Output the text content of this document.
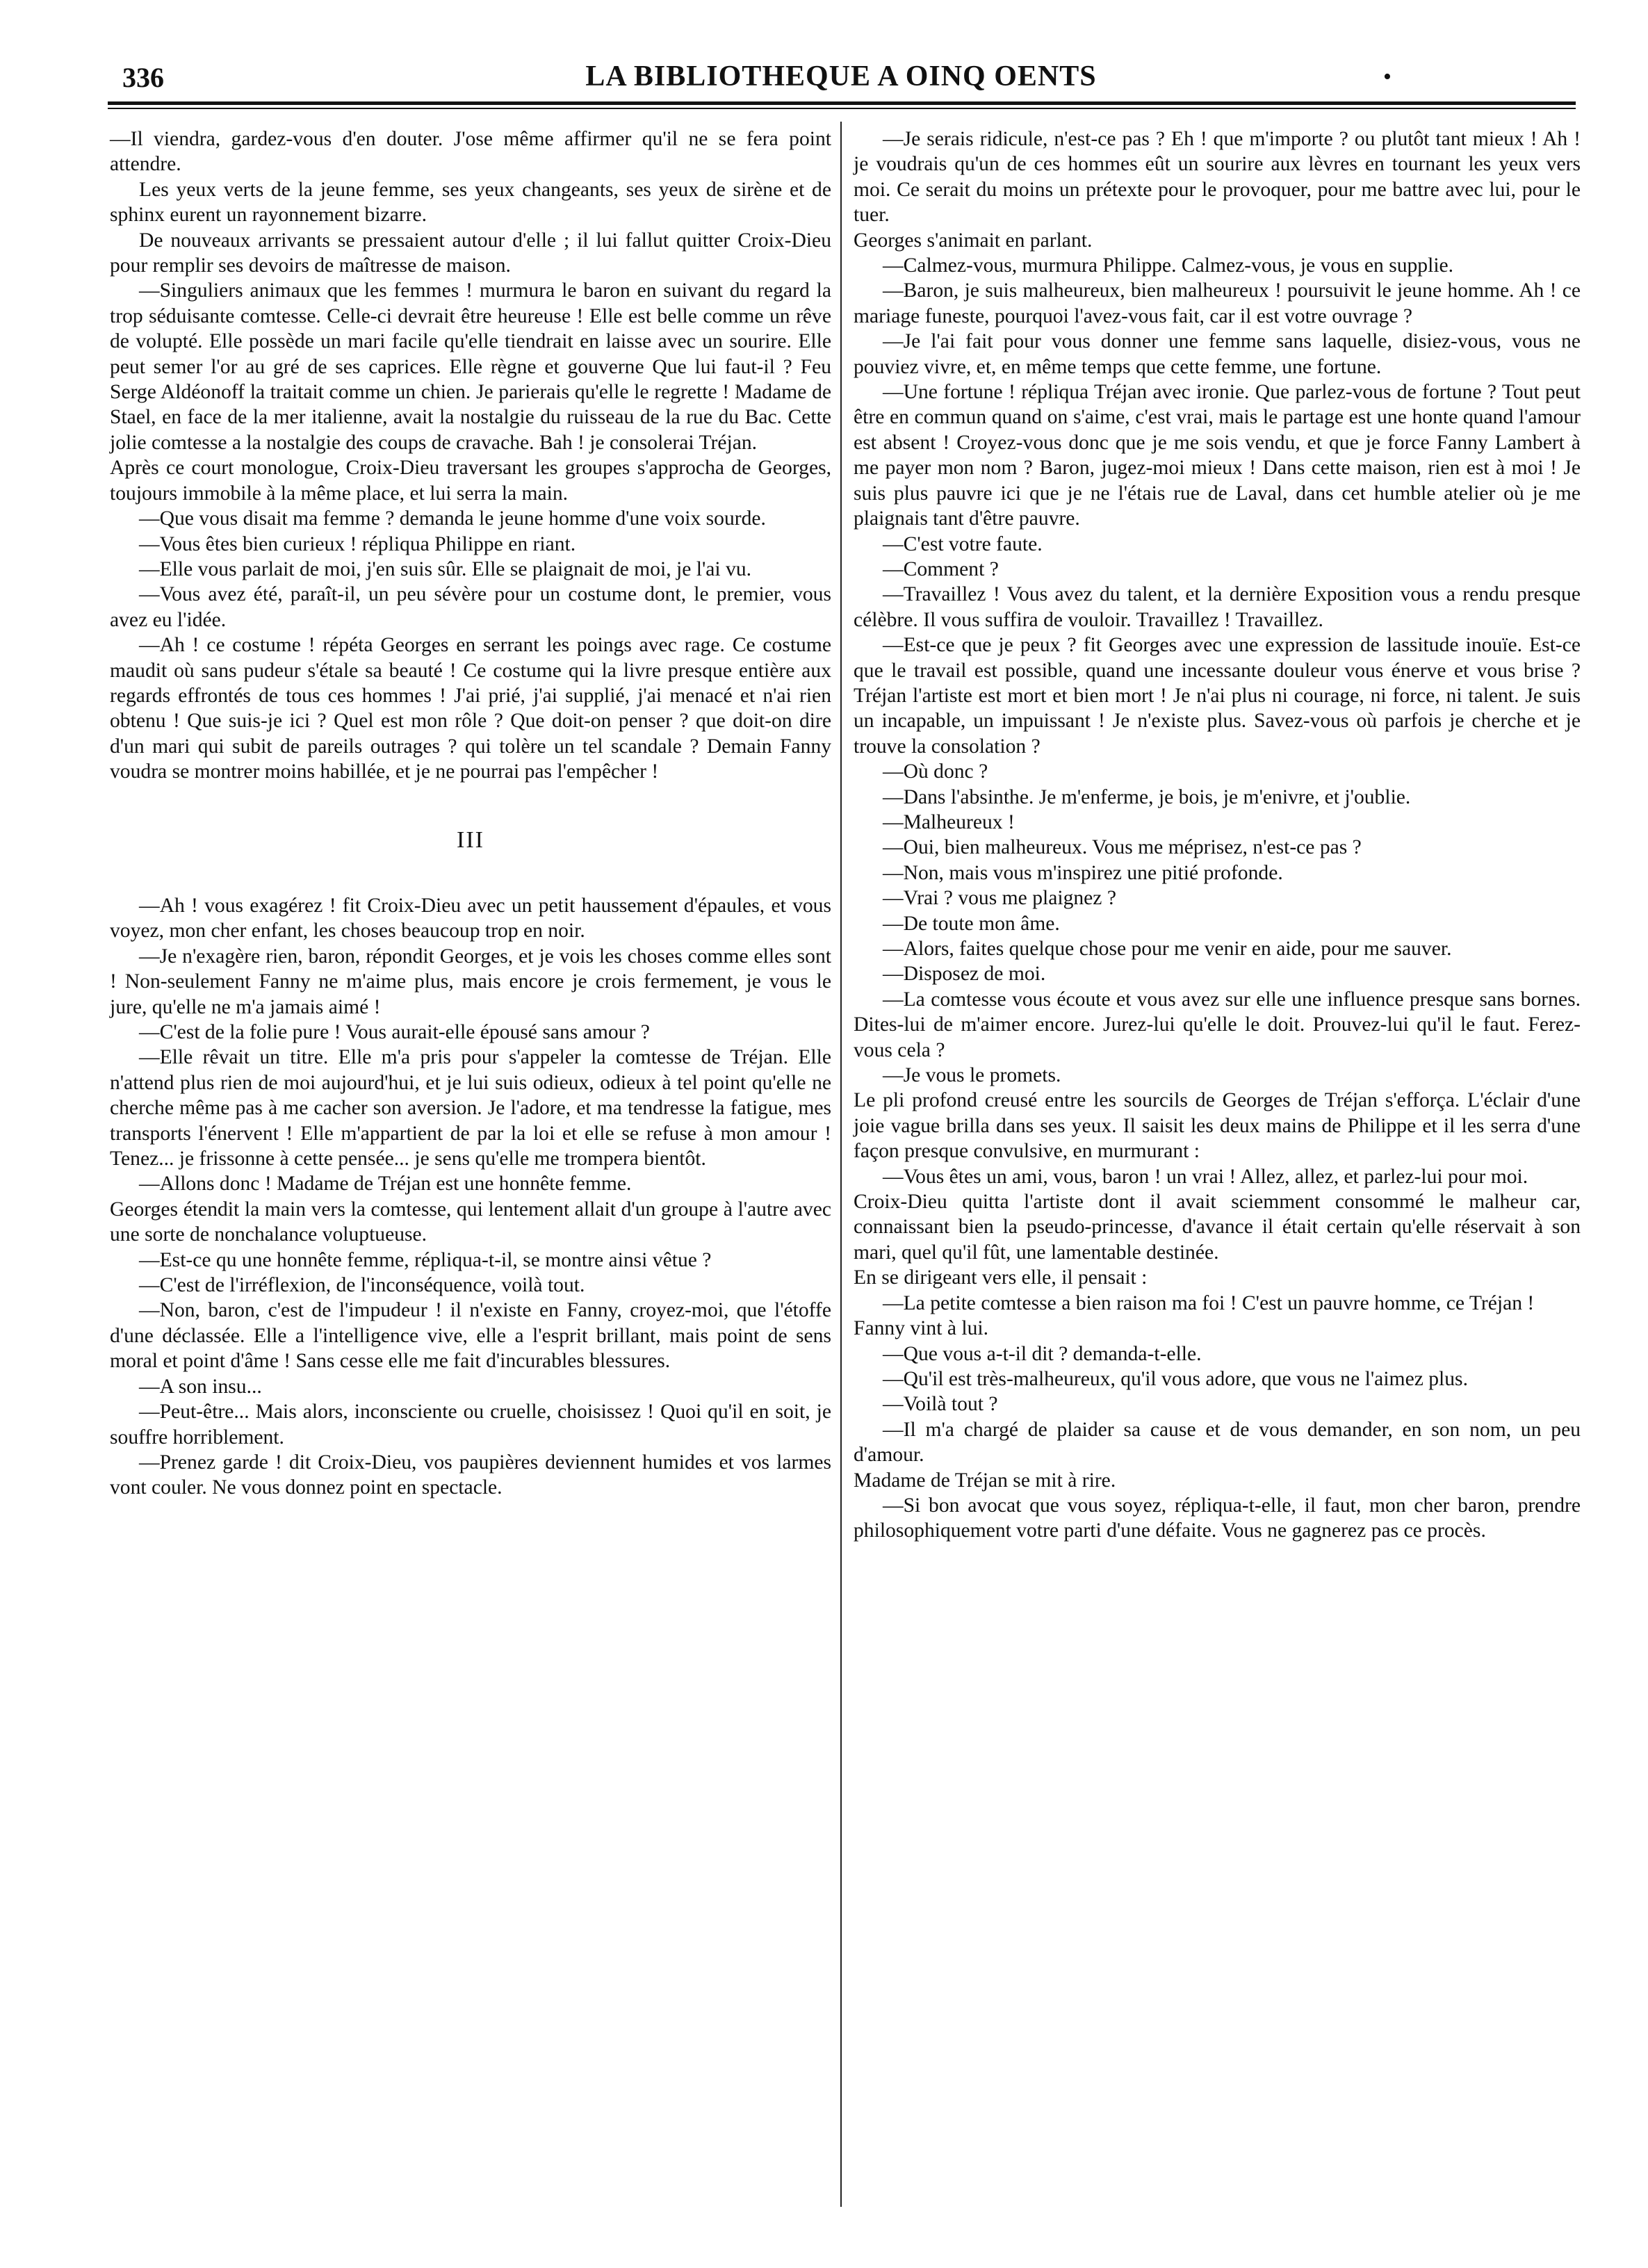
336	LA BIBLIOTHEQUE A OINQ OENTS	•

—Il viendra, gardez-vous d'en douter. J'ose même affirmer qu'il ne se fera point attendre.

Les yeux verts de la jeune femme, ses yeux changeants, ses yeux de sirène et de sphinx eurent un rayonnement bizarre.

De nouveaux arrivants se pressaient autour d'elle ; il lui fallut quitter Croix-Dieu pour remplir ses devoirs de maîtresse de maison.

—Singuliers animaux que les femmes ! murmura le baron en suivant du regard la trop séduisante comtesse. Celle-ci devrait être heureuse ! Elle est belle comme un rêve de volupté. Elle possède un mari facile qu'elle tiendrait en laisse avec un sourire. Elle peut semer l'or au gré de ses caprices. Elle règne et gouverne Que lui faut-il ? Feu Serge Aldéonoff la traitait comme un chien. Je parierais qu'elle le regrette ! Madame de Stael, en face de la mer italienne, avait la nostalgie du ruisseau de la rue du Bac. Cette jolie comtesse a la nostalgie des coups de cravache. Bah ! je consolerai Tréjan.

Après ce court monologue, Croix-Dieu traversant les groupes s'approcha de Georges, toujours immobile à la même place, et lui serra la main.

—Que vous disait ma femme ? demanda le jeune homme d'une voix sourde.

—Vous êtes bien curieux ! répliqua Philippe en riant.

—Elle vous parlait de moi, j'en suis sûr. Elle se plaignait de moi, je l'ai vu.

—Vous avez été, paraît-il, un peu sévère pour un costume dont, le premier, vous avez eu l'idée.

—Ah ! ce costume ! répéta Georges en serrant les poings avec rage. Ce costume maudit où sans pudeur s'étale sa beauté ! Ce costume qui la livre presque entière aux regards effrontés de tous ces hommes ! J'ai prié, j'ai supplié, j'ai menacé et n'ai rien obtenu ! Que suis-je ici ? Quel est mon rôle ? Que doit-on penser ? que doit-on dire d'un mari qui subit de pareils outrages ? qui tolère un tel scandale ? Demain Fanny voudra se montrer moins habillée, et je ne pourrai pas l'empêcher !

III

—Ah ! vous exagérez ! fit Croix-Dieu avec un petit haussement d'épaules, et vous voyez, mon cher enfant, les choses beaucoup trop en noir.

—Je n'exagère rien, baron, répondit Georges, et je vois les choses comme elles sont ! Non-seulement Fanny ne m'aime plus, mais encore je crois fermement, je vous le jure, qu'elle ne m'a jamais aimé !

—C'est de la folie pure ! Vous aurait-elle épousé sans amour ?

—Elle rêvait un titre. Elle m'a pris pour s'appeler la comtesse de Tréjan. Elle n'attend plus rien de moi aujourd'hui, et je lui suis odieux, odieux à tel point qu'elle ne cherche même pas à me cacher son aversion. Je l'adore, et ma tendresse la fatigue, mes transports l'énervent ! Elle m'appartient de par la loi et elle se refuse à mon amour ! Tenez... je frissonne à cette pensée... je sens qu'elle me trompera bientôt.

—Allons donc ! Madame de Tréjan est une honnête femme.

Georges étendit la main vers la comtesse, qui lentement allait d'un groupe à l'autre avec une sorte de nonchalance voluptueuse.

—Est-ce qu une honnête femme, répliqua-t-il, se montre ainsi vêtue ?

—C'est de l'irréflexion, de l'inconséquence, voilà tout.

—Non, baron, c'est de l'impudeur ! il n'existe en Fanny, croyez-moi, que l'étoffe d'une déclassée. Elle a l'intelligence vive, elle a l'esprit brillant, mais point de sens moral et point d'âme ! Sans cesse elle me fait d'incurables blessures.

—A son insu...

—Peut-être... Mais alors, inconsciente ou cruelle, choisissez ! Quoi qu'il en soit, je souffre horriblement.

—Prenez garde ! dit Croix-Dieu, vos paupières deviennent humides et vos larmes vont couler. Ne vous donnez point en spectacle.

—Je serais ridicule, n'est-ce pas ? Eh ! que m'importe ? ou plutôt tant mieux ! Ah ! je voudrais qu'un de ces hommes eût un sourire aux lèvres en tournant les yeux vers moi. Ce serait du moins un prétexte pour le provoquer, pour me battre avec lui, pour le tuer.

Georges s'animait en parlant.

—Calmez-vous, murmura Philippe. Calmez-vous, je vous en supplie.

—Baron, je suis malheureux, bien malheureux ! poursuivit le jeune homme. Ah ! ce mariage funeste, pourquoi l'avez-vous fait, car il est votre ouvrage ?

—Je l'ai fait pour vous donner une femme sans laquelle, disiez-vous, vous ne pouviez vivre, et, en même temps que cette femme, une fortune.

—Une fortune ! répliqua Tréjan avec ironie. Que parlez-vous de fortune ? Tout peut être en commun quand on s'aime, c'est vrai, mais le partage est une honte quand l'amour est absent ! Croyez-vous donc que je me sois vendu, et que je force Fanny Lambert à me payer mon nom ? Baron, jugez-moi mieux ! Dans cette maison, rien est à moi ! Je suis plus pauvre ici que je ne l'étais rue de Laval, dans cet humble atelier où je me plaignais tant d'être pauvre.

—C'est votre faute.

—Comment ?

—Travaillez ! Vous avez du talent, et la dernière Exposition vous a rendu presque célèbre. Il vous suffira de vouloir. Travaillez ! Travaillez.

—Est-ce que je peux ? fit Georges avec une expression de lassitude inouïe. Est-ce que le travail est possible, quand une incessante douleur vous énerve et vous brise ? Tréjan l'artiste est mort et bien mort ! Je n'ai plus ni courage, ni force, ni talent. Je suis un incapable, un impuissant ! Je n'existe plus. Savez-vous où parfois je cherche et je trouve la consolation ?

—Où donc ?

—Dans l'absinthe. Je m'enferme, je bois, je m'enivre, et j'oublie.

—Malheureux !

—Oui, bien malheureux. Vous me méprisez, n'est-ce pas ?

—Non, mais vous m'inspirez une pitié profonde.

—Vrai ? vous me plaignez ?

—De toute mon âme.

—Alors, faites quelque chose pour me venir en aide, pour me sauver.

—Disposez de moi.

—La comtesse vous écoute et vous avez sur elle une influence presque sans bornes. Dites-lui de m'aimer encore. Jurez-lui qu'elle le doit. Prouvez-lui qu'il le faut. Ferez-vous cela ?

—Je vous le promets.

Le pli profond creusé entre les sourcils de Georges de Tréjan s'efforça. L'éclair d'une joie vague brilla dans ses yeux. Il saisit les deux mains de Philippe et il les serra d'une façon presque convulsive, en murmurant :

—Vous êtes un ami, vous, baron ! un vrai ! Allez, allez, et parlez-lui pour moi.

Croix-Dieu quitta l'artiste dont il avait sciemment consommé le malheur car, connaissant bien la pseudo-princesse, d'avance il était certain qu'elle réservait à son mari, quel qu'il fût, une lamentable destinée.

En se dirigeant vers elle, il pensait :

—La petite comtesse a bien raison ma foi ! C'est un pauvre homme, ce Tréjan !

Fanny vint à lui.

—Que vous a-t-il dit ? demanda-t-elle.

—Qu'il est très-malheureux, qu'il vous adore, que vous ne l'aimez plus.

—Voilà tout ?

—Il m'a chargé de plaider sa cause et de vous demander, en son nom, un peu d'amour.

Madame de Tréjan se mit à rire.

—Si bon avocat que vous soyez, répliqua-t-elle, il faut, mon cher baron, prendre philosophiquement votre parti d'une défaite. Vous ne gagnerez pas ce procès.
